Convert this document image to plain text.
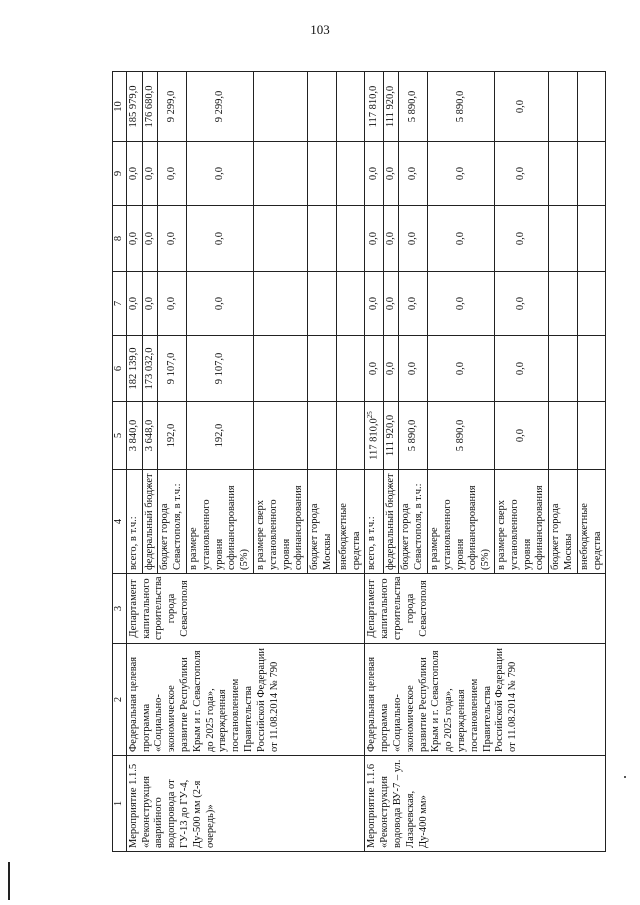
103
1	2	3	4	5	6	7	8	9	10
Мероприятие 1.1.5 «Реконструкция аварийного водопровода от ГУ-13 до ГУ-4, Ду-500 мм (2-я очередь)»	Федеральная целевая программа «Социально-экономическое развитие Республики Крым и г. Севастополя до 2025 года», утвержденная постановлением Правительства Российской Федерации от 11.08.2014 № 790	Департамент капитального строительства города Севастополя	всего, в т.ч.:	3 840,0	182 139,0	0,0	0,0	0,0	185 979,0
			федеральный бюджет	3 648,0	173 032,0	0,0	0,0	0,0	176 680,0
			бюджет города Севастополя, в т.ч.:	192,0	9 107,0	0,0	0,0	0,0	9 299,0
			в размере установленного уровня софинансирования (5%)	192,0	9 107,0	0,0	0,0	0,0	9 299,0
			в размере сверх установленного уровня софинансирования						
			бюджет города Москвы						
			внебюджетные средства						
Мероприятие 1.1.6 «Реконструкция водовода ВУ-7 – ул. Лазаревская, Ду-400 мм»	Федеральная целевая программа «Социально-экономическое развитие Республики Крым и г. Севастополя до 2025 года», утвержденная постановлением Правительства Российской Федерации от 11.08.2014 № 790	Департамент капитального строительства города Севастополя	всего, в т.ч.:	117 810,0$^{25}$	0,0	0,0	0,0	0,0	117 810,0
			федеральный бюджет	111 920,0	0,0	0,0	0,0	0,0	111 920,0
			бюджет города Севастополя, в т.ч.:	5 890,0	0,0	0,0	0,0	0,0	5 890,0
			в размере установленного уровня софинансирования (5%)	5 890,0	0,0	0,0	0,0	0,0	5 890,0
			в размере сверх установленного уровня софинансирования	0,0	0,0	0,0	0,0	0,0	0,0
			бюджет города Москвы						
			внебюджетные средства						
